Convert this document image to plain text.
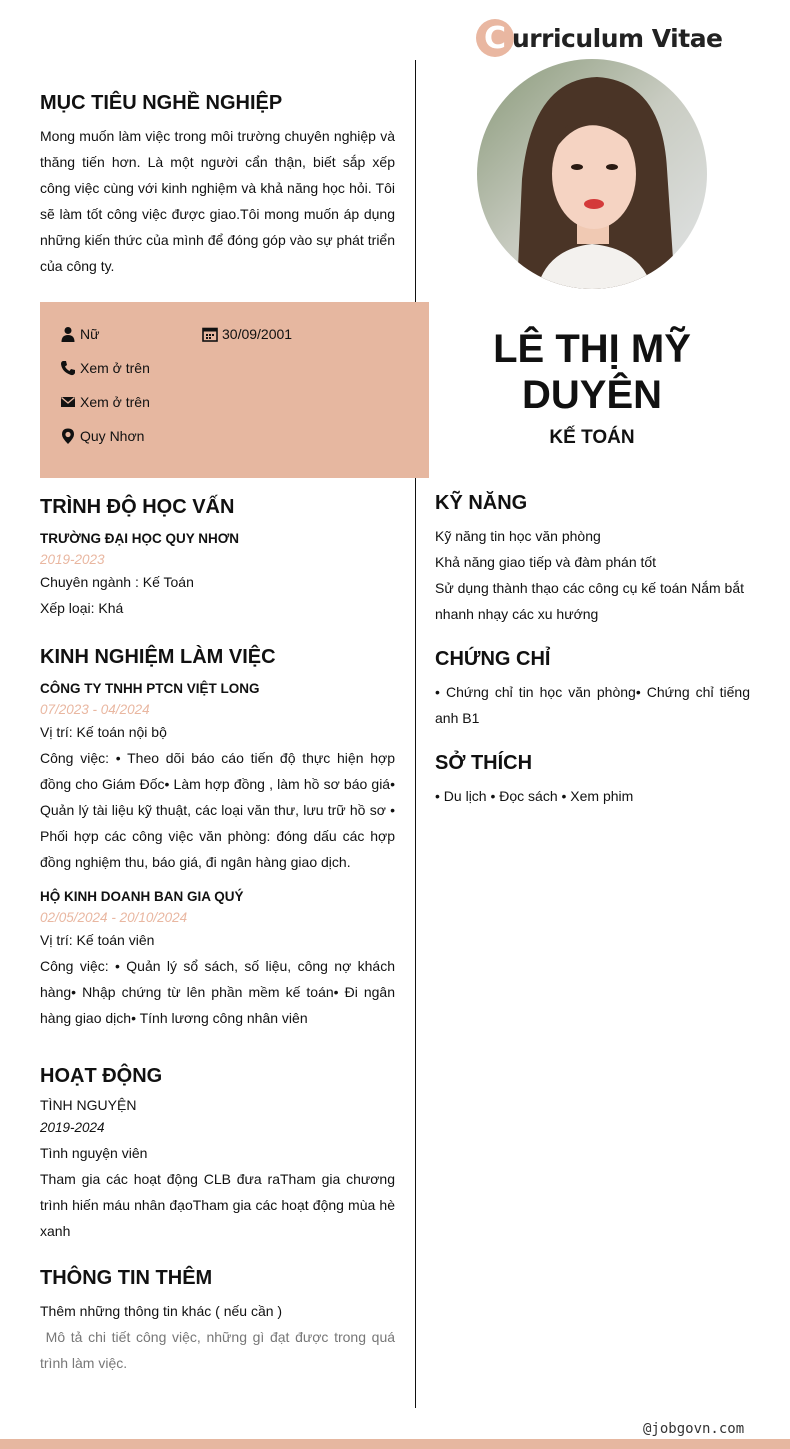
C urriculum Vitae
MỤC TIÊU NGHỀ NGHIỆP

Mong muốn làm việc trong môi trường chuyên nghiệp và thăng tiến hơn. Là một người cẩn thận, biết sắp xếp công việc cùng với kinh nghiệm và khả năng học hỏi. Tôi sẽ làm tốt công việc được giao.Tôi mong muốn áp dụng những kiến thức của mình để đóng góp vào sự phát triển của công ty.

Nữ	30/09/2001
Xem ở trên
Xem ở trên
Quy Nhơn
LÊ THỊ MỸ DUYÊN
KẾ TOÁN
TRÌNH ĐỘ HỌC VẤN
TRƯỜNG ĐẠI HỌC QUY NHƠN
2019-2023
Chuyên ngành : Kế Toán
Xếp loại: Khá
KINH NGHIỆM LÀM VIỆC
CÔNG TY TNHH PTCN VIỆT LONG
07/2023 - 04/2024
Vị trí: Kế toán nội bộ

Công việc: • Theo dõi báo cáo tiến độ thực hiện hợp đồng cho Giám Đốc• Làm hợp đồng , làm hồ sơ báo giá• Quản lý tài liệu kỹ thuật, các loại văn thư, lưu trữ hồ sơ • Phối hợp các công việc văn phòng: đóng dấu các hợp đồng nghiệm thu, báo giá, đi ngân hàng giao dịch.

HỘ KINH DOANH BAN GIA QUÝ
02/05/2024 - 20/10/2024
Vị trí: Kế toán viên

Công việc: • Quản lý sổ sách, số liệu, công nợ khách hàng• Nhập chứng từ lên phần mềm kế toán• Đi ngân hàng giao dịch• Tính lương công nhân viên

HOẠT ĐỘNG
TÌNH NGUYỆN
2019-2024
Tình nguyện viên

Tham gia các hoạt động CLB đưa raTham gia chương trình hiến máu nhân đạoTham gia các hoạt động mùa hè xanh

THÔNG TIN THÊM
Thêm những thông tin khác ( nếu cần )

Mô tả chi tiết công việc, những gì đạt được trong quá trình làm việc.

KỸ NĂNG
Kỹ năng tin học văn phòng
Khả năng giao tiếp và đàm phán tốt
Sử dụng thành thạo các công cụ kế toán Nắm bắt nhanh nhạy các xu hướng
CHỨNG CHỈ

• Chứng chỉ tin học văn phòng• Chứng chỉ tiếng anh B1

SỞ THÍCH
• Du lịch • Đọc sách • Xem phim
@jobgovn.com
